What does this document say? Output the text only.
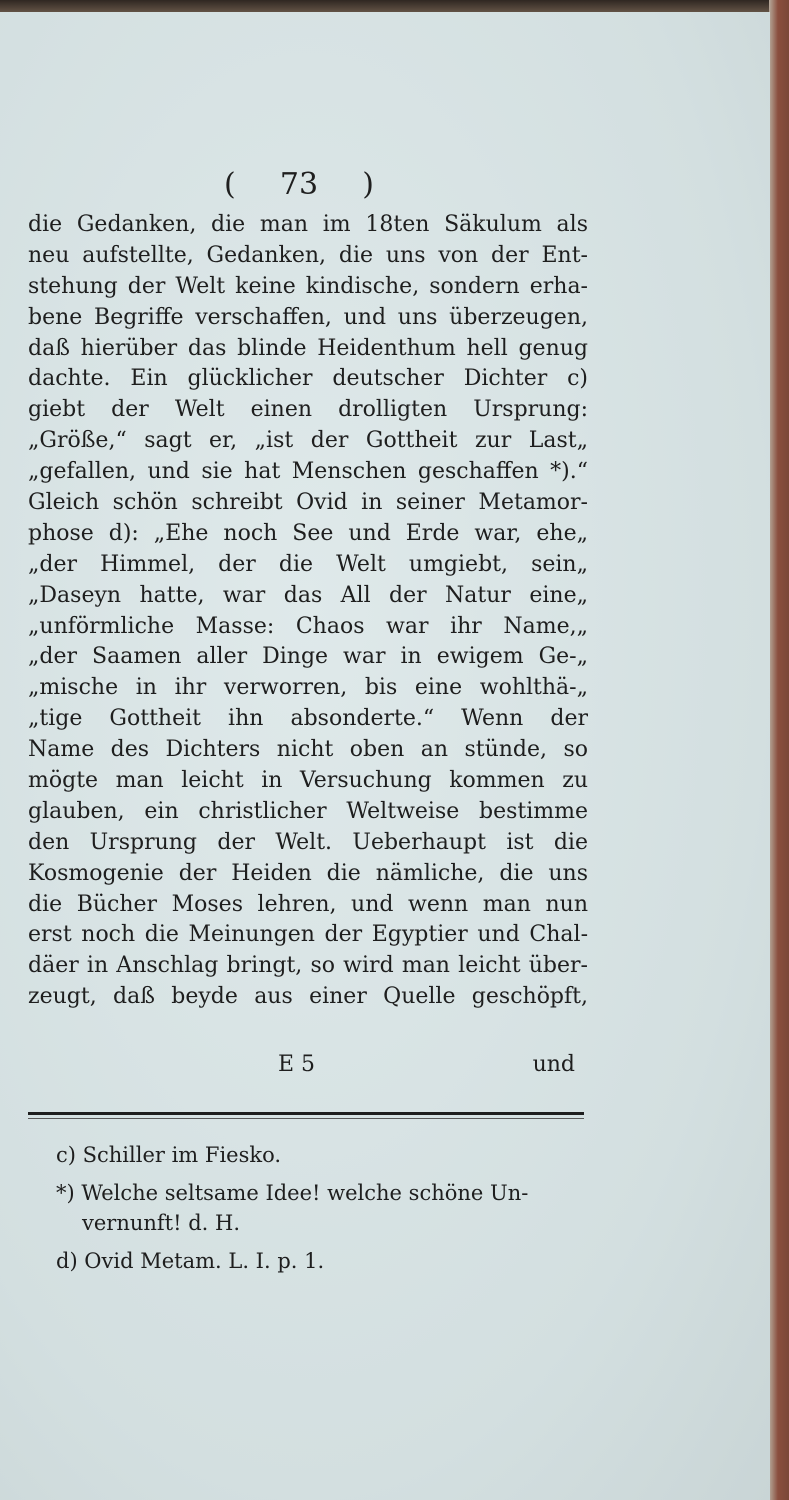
( 73 )
die Gedanken, die man im 18ten Säkulum als
neu aufstellte, Gedanken, die uns von der Ent-
stehung der Welt keine kindische, sondern erha-
bene Begriffe verschaffen, und uns überzeugen,
daß hierüber das blinde Heidenthum hell genug
dachte. Ein glücklicher deutscher Dichter c)
giebt der Welt einen drolligten Ursprung:
„Größe,“ sagt er, „ist der Gottheit zur Last„
„gefallen, und sie hat Menschen geschaffen *).“
Gleich schön schreibt Ovid in seiner Metamor-
phose d): „Ehe noch See und Erde war, ehe„
„der Himmel, der die Welt umgiebt, sein„
„Daseyn hatte, war das All der Natur eine„
„unförmliche Masse: Chaos war ihr Name,„
„der Saamen aller Dinge war in ewigem Ge-„
„mische in ihr verworren, bis eine wohlthä-„
„tige Gottheit ihn absonderte.“ Wenn der
Name des Dichters nicht oben an stünde, so
mögte man leicht in Versuchung kommen zu
glauben, ein christlicher Weltweise bestimme
den Ursprung der Welt. Ueberhaupt ist die
Kosmogenie der Heiden die nämliche, die uns
die Bücher Moses lehren, und wenn man nun
erst noch die Meinungen der Egyptier und Chal-
däer in Anschlag bringt, so wird man leicht über-
zeugt, daß beyde aus einer Quelle geschöpft,
E 5	und
c) Schiller im Fiesko.
*) Welche seltsame Idee! welche schöne Un-
vernunft! d. H.
d) Ovid Metam. L. I. p. 1.
